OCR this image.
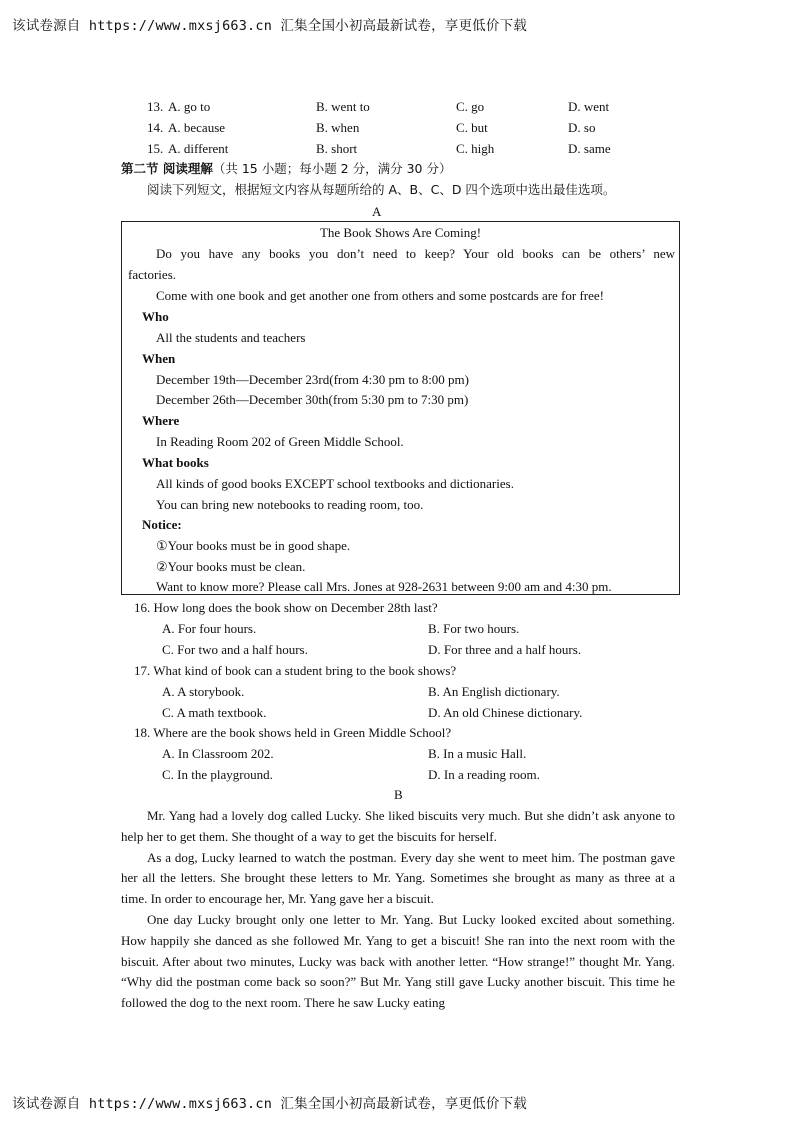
该试卷源自 https://www.mxsj663.cn 汇集全国小初高最新试卷，享更低价下载
13. A. go to	B. went to	C. go	D. went
14. A. because	B. when	C. but	D. so
15. A. different	B. short	C. high	D. same
第二节 阅读理解（共 15 小题；每小题 2 分，满分 30 分）
阅读下列短文，根据短文内容从每题所给的 A、B、C、D 四个选项中选出最佳选项。
A
The Book Shows Are Coming!
Do you have any books you don’t need to keep? Your old books can be others’ new
factories.
Come with one book and get another one from others and some postcards are for free!
Who
All the students and teachers
When
December 19th—December 23rd(from 4:30 pm to 8:00 pm)
December 26th—December 30th(from 5:30 pm to 7:30 pm)
Where
In Reading Room 202 of Green Middle School.
What books
All kinds of good books EXCEPT school textbooks and dictionaries.
You can bring new notebooks to reading room, too.
Notice:
①Your books must be in good shape.
②Your books must be clean.
Want to know more? Please call Mrs. Jones at 928-2631 between 9:00 am and 4:30 pm.
16. How long does the book show on December 28th last?
A. For four hours.	B. For two hours.
C. For two and a half hours.	D. For three and a half hours.
17. What kind of book can a student bring to the book shows?
A. A storybook.	B. An English dictionary.
C. A math textbook.	D. An old Chinese dictionary.
18. Where are the book shows held in Green Middle School?
A. In Classroom 202.	B. In a music Hall.
C. In the playground.	D. In a reading room.
B

Mr. Yang had a lovely dog called Lucky. She liked biscuits very much. But she didn’t ask anyone to help her to get them. She thought of a way to get the biscuits for herself.

As a dog, Lucky learned to watch the postman. Every day she went to meet him. The postman gave her all the letters. She brought these letters to Mr. Yang. Sometimes she brought as many as three at a time. In order to encourage her, Mr. Yang gave her a biscuit.

One day Lucky brought only one letter to Mr. Yang. But Lucky looked excited about something. How happily she danced as she followed Mr. Yang to get a biscuit! She ran into the next room with the biscuit. After about two minutes, Lucky was back with another letter. “How strange!” thought Mr. Yang. “Why did the postman come back so soon?” But Mr. Yang still gave Lucky another biscuit. This time he followed the dog to the next room. There he saw Lucky eating

该试卷源自 https://www.mxsj663.cn 汇集全国小初高最新试卷，享更低价下载
